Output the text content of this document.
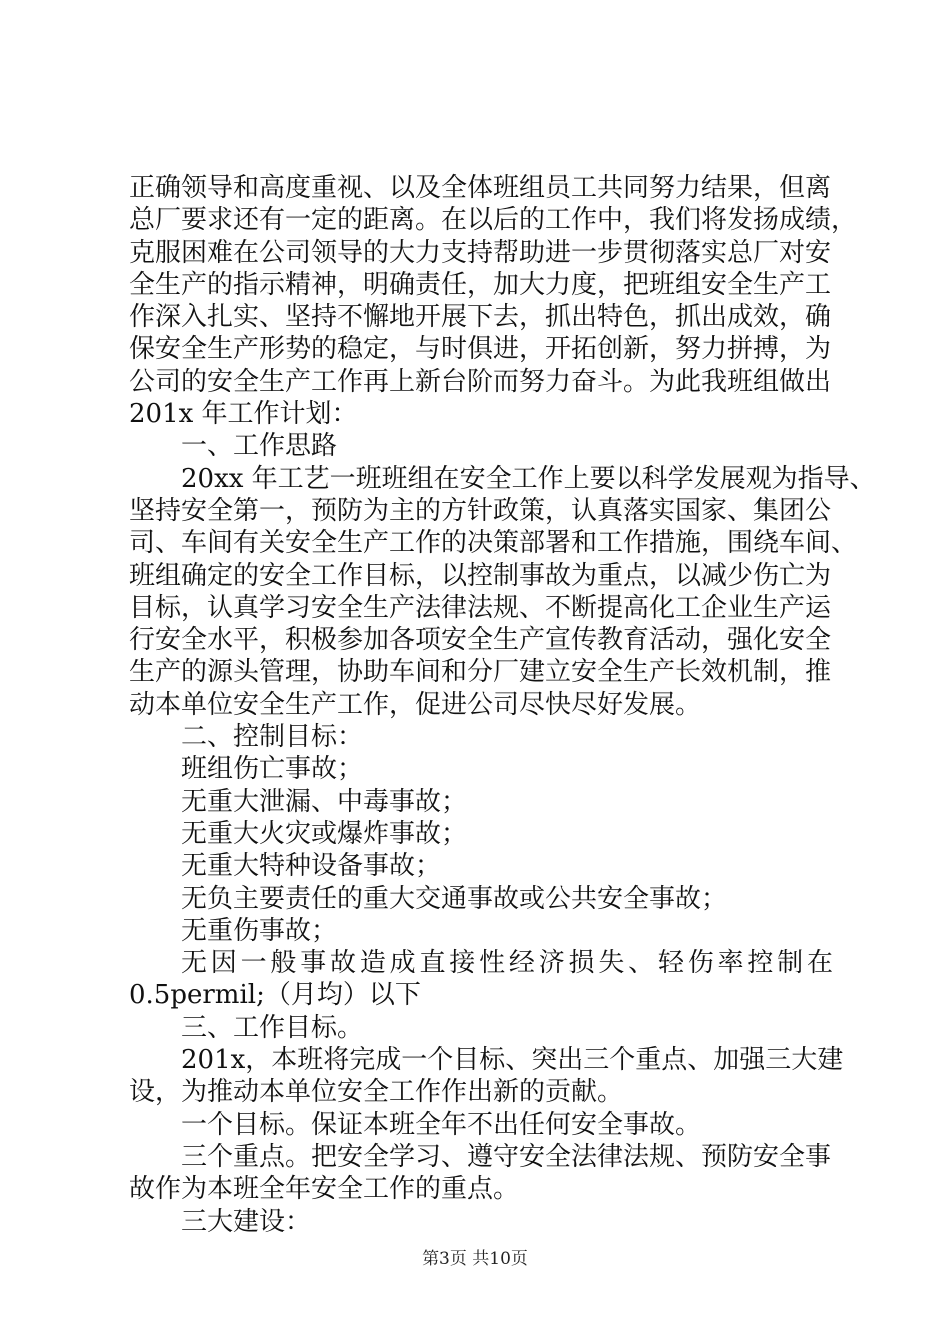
正确领导和高度重视、以及全体班组员工共同努力结果，但离
总厂要求还有一定的距离。在以后的工作中，我们将发扬成绩，
克服困难在公司领导的大力支持帮助进一步贯彻落实总厂对安
全生产的指示精神，明确责任，加大力度，把班组安全生产工
作深入扎实、坚持不懈地开展下去，抓出特色，抓出成效，确
保安全生产形势的稳定，与时俱进，开拓创新，努力拼搏，为
公司的安全生产工作再上新台阶而努力奋斗。为此我班组做出
201x 年工作计划：
一、工作思路
20xx 年工艺一班班组在安全工作上要以科学发展观为指导、
坚持安全第一，预防为主的方针政策，认真落实国家、集团公
司、车间有关安全生产工作的决策部署和工作措施，围绕车间、
班组确定的安全工作目标，以控制事故为重点，以减少伤亡为
目标，认真学习安全生产法律法规、不断提高化工企业生产运
行安全水平，积极参加各项安全生产宣传教育活动，强化安全
生产的源头管理，协助车间和分厂建立安全生产长效机制，推
动本单位安全生产工作，促进公司尽快尽好发展。
二、控制目标：
班组伤亡事故；
无重大泄漏、中毒事故；
无重大火灾或爆炸事故；
无重大特种设备事故；
无负主要责任的重大交通事故或公共安全事故；
无重伤事故；
无因一般事故造成直接性经济损失、轻伤率控制在
0.5permil;（月均）以下
三、工作目标。
201x，本班将完成一个目标、突出三个重点、加强三大建
设，为推动本单位安全工作作出新的贡献。
一个目标。保证本班全年不出任何安全事故。
三个重点。把安全学习、遵守安全法律法规、预防安全事
故作为本班全年安全工作的重点。
三大建设：
第3页 共10页
